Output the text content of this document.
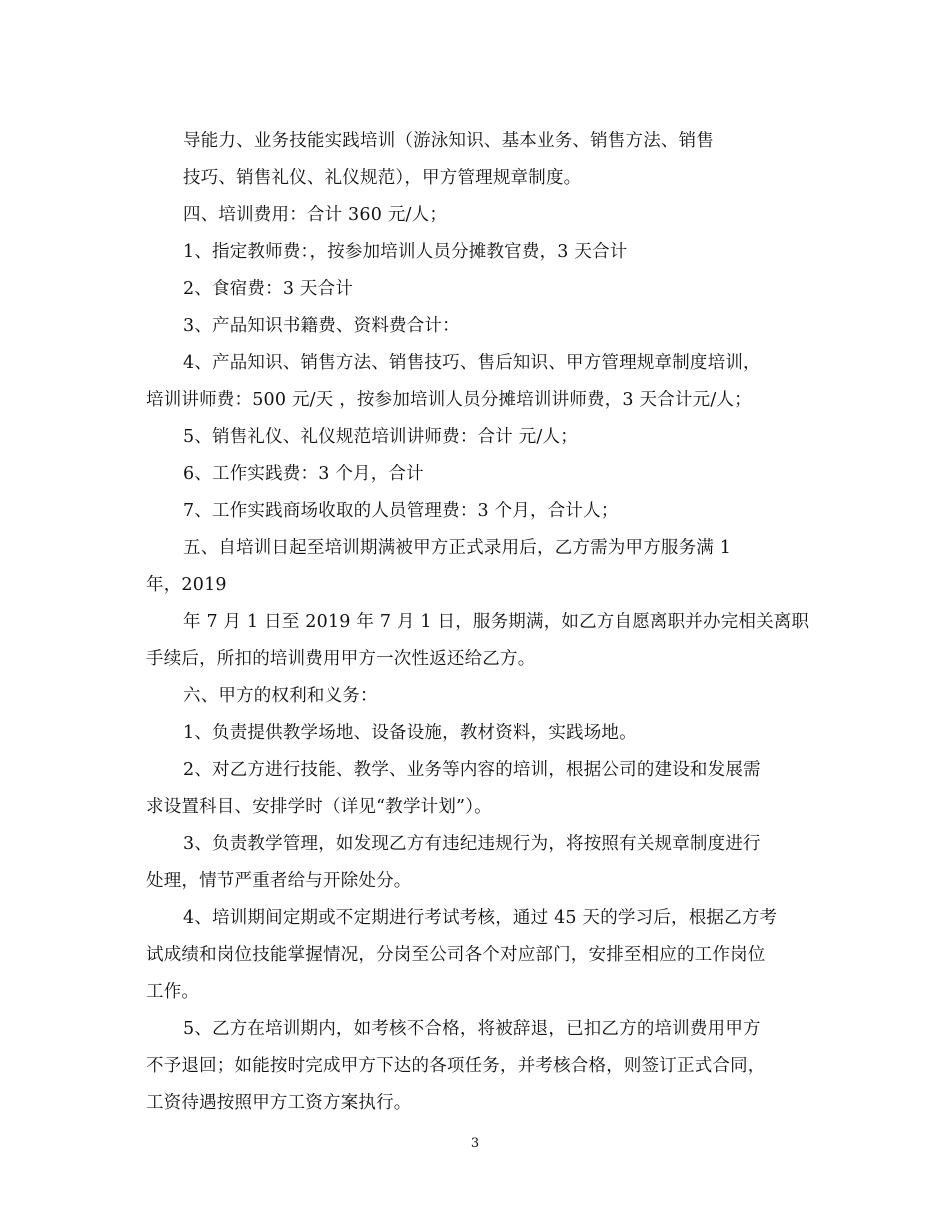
导能力、业务技能实践培训（游泳知识、基本业务、销售方法、销售
技巧、销售礼仪、礼仪规范），甲方管理规章制度。
四、培训费用：合计 360 元/人；
1、指定教师费：，按参加培训人员分摊教官费，3 天合计
2、食宿费：3 天合计
3、产品知识书籍费、资料费合计：
4、产品知识、销售方法、销售技巧、售后知识、甲方管理规章制度培训，
培训讲师费：500 元/天 ，按参加培训人员分摊培训讲师费，3 天合计元/人；
5、销售礼仪、礼仪规范培训讲师费：合计 元/人；
6、工作实践费：3 个月，合计
7、工作实践商场收取的人员管理费：3 个月，合计人；
五、自培训日起至培训期满被甲方正式录用后，乙方需为甲方服务满 1
年，2019
年 7 月 1 日至 2019 年 7 月 1 日，服务期满，如乙方自愿离职并办完相关离职
手续后，所扣的培训费用甲方一次性返还给乙方。
六、甲方的权利和义务：
1、负责提供教学场地、设备设施，教材资料，实践场地。
2、对乙方进行技能、教学、业务等内容的培训，根据公司的建设和发展需
求设置科目、安排学时（详见“教学计划”）。
3、负责教学管理，如发现乙方有违纪违规行为，将按照有关规章制度进行
处理，情节严重者给与开除处分。
4、培训期间定期或不定期进行考试考核，通过 45 天的学习后，根据乙方考
试成绩和岗位技能掌握情况，分岗至公司各个对应部门，安排至相应的工作岗位
工作。
5、乙方在培训期内，如考核不合格，将被辞退，已扣乙方的培训费用甲方
不予退回；如能按时完成甲方下达的各项任务，并考核合格，则签订正式合同，
工资待遇按照甲方工资方案执行。
3
